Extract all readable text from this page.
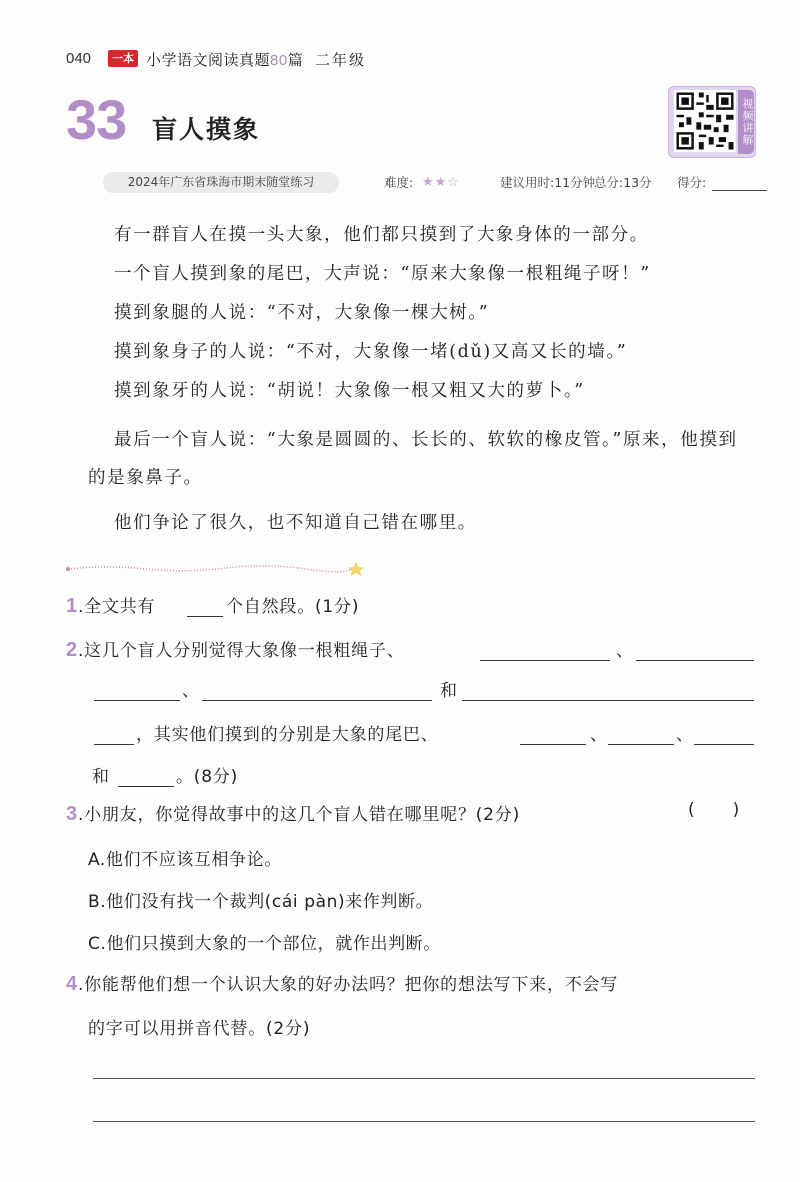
040	一本 小学语文阅读真题80篇 二年级
33 盲人摸象	视频讲解
2024年广东省珠海市期末随堂练习	难度: ★★☆	建议用时:11分钟
总分:13分 得分:
有一群盲人在摸一头大象，他们都只摸到了大象身体的一部分。
一个盲人摸到象的尾巴，大声说：“原来大象像一根粗绳子呀！”
摸到象腿的人说：“不对，大象像一棵大树。”
摸到象身子的人说：“不对，大象像一堵(dǔ)又高又长的墙。”
摸到象牙的人说：“胡说！大象像一根又粗又大的萝卜。”
最后一个盲人说：“大象是圆圆的、长长的、软软的橡皮管。”原来，他摸到的是象鼻子。
他们争论了很久，也不知道自己错在哪里。
1.全文共有	个自然段。(1分)
2.这几个盲人分别觉得大象像一根粗绳子、	、
、	和
，其实他们摸到的分别是大象的尾巴、	、	、
和	。(8分)
3.小朋友，你觉得故事中的这几个盲人错在哪里呢？(2分)	(      )
A.他们不应该互相争论。
B.他们没有找一个裁判(cái pàn)来作判断。
C.他们只摸到大象的一个部位，就作出判断。
4.你能帮他们想一个认识大象的好办法吗？把你的想法写下来，不会写
的字可以用拼音代替。(2分)
